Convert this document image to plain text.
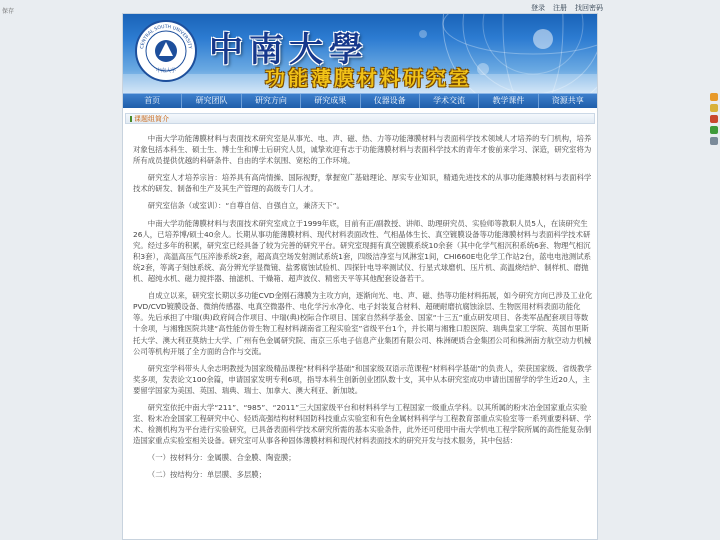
保存	登录 注册 找回密码
CENTRAL SOUTH UNIVERSITY
中南大学
中南大學
功能薄膜材料研究室
首页	研究团队	研究方向	研究成果	仪器设备	学术交流	教学课件	资源共享
课题组简介

中南大学功能薄膜材料与表面技术研究室是从事光、电、声、磁、热、力等功能薄膜材料与表面科学技术领域人才培养的专门机构，培养对象包括本科生、硕士生、博士生和博士后研究人员，诚挚欢迎有志于功能薄膜材料与表面科学技术的青年才俊前来学习、深造，研究室将为所有成员提供优越的科研条件、自由的学术氛围、宽松的工作环境。

研究室人才培养宗旨：培养具有高尚情操、国际视野，掌握宽广基础理论、厚实专业知识，精通先进技术的从事功能薄膜材料与表面科学技术的研发、制备和生产及其生产管理的高级专门人才。

研究室信条（或室训）：“自尊自信、自强自立，兼济天下”。

中南大学功能薄膜材料与表面技术研究室成立于1999年底，目前有正/副教授、讲师、助理研究员、实验师等教职人员5人，在读研究生26人，已培养博/硕士40余人。长期从事功能薄膜材料、现代材料表面改性、气相晶体生长、真空镀膜设备等功能薄膜材料与表面科学技术研究。经过多年的积累，研究室已经具备了较为完善的研究平台。研究室现拥有真空镀膜系统10余套（其中化学气相沉积系统6套、物理气相沉积3套），高温高压气压淬渗系统2套，超高真空场发射测试系统1套，四级洁净室与风淋室1间，CHI660E电化学工作站2台，蓝电电池测试系统2套，等离子刻蚀系统、高分辨光学显微镜、盐雾腐蚀试验机、四探针电导率测试仪、行星式球磨机、压片机、高温烧结炉、制样机、磨抛机、超纯水机、磁力搅拌器、抽滤机、干燥箱、超声波仪、精密天平等其他配套设备若干。

自成立以来，研究室长期以多功能CVD金刚石薄膜为主攻方向，逐渐向光、电、声、磁、热等功能材料拓展，如今研究方向已涉及工业化PVD/CVD镀膜设备、微纳传感器、电真空微器件、电化学污水净化、电子封装复合材料、超硬耐磨抗腐蚀涂层、生物医用材料表面功能化等。先后承担了中瑞(典)政府间合作项目、中瑞(典)校际合作项目、国家自然科学基金、国家“十三五”重点研发项目、各类军品配套项目等数十余项，与湘雅医院共建“高性能仿骨生物工程材料湖南省工程实验室”省级平台1个，并长期与湘雅口腔医院、瑞典皇家工学院、英国布里斯托大学、澳大利亚莫纳士大学、广州有色金属研究院、南京三乐电子信息产业集团有限公司、株洲硬质合金集团公司和株洲南方航空动力机械公司等机构开展了全方面的合作与交流。

研究室学科带头人余志明教授为国家级精品课程“材料科学基础”和国家级双语示范课程“材料科学基础”的负责人，荣获国家级、省级教学奖多项，发表论文100余篇，申请国家发明专利6项，指导本科生创新创业团队数十支，其中从本研究室成功申请出国留学的学生近20人，主要留学国家为美国、英国、瑞典、瑞士、加拿大、澳大利亚、新加坡。

研究室依托中南大学“211”、“985”、“2011”三大国家级平台和材料科学与工程国家一级重点学科。以其所属的粉末冶金国家重点实验室、粉末冶金国家工程研究中心、轻质高强结构材料国防科技重点实验室和有色金属材料科学与工程教育部重点实验室等一系列重要科研、学术、检测机构为平台进行实验研究，已具备表面科学技术研究所需的基本实验条件，此外还可使用中南大学机电工程学院所属的高性能复杂制造国家重点实验室相关设备。研究室可从事各种固体薄膜材料和现代材料表面技术的研究开发与技术服务，其中包括：

（一）按材料分：金属膜、合金膜、陶瓷膜；

（二）按结构分：单层膜、多层膜；
